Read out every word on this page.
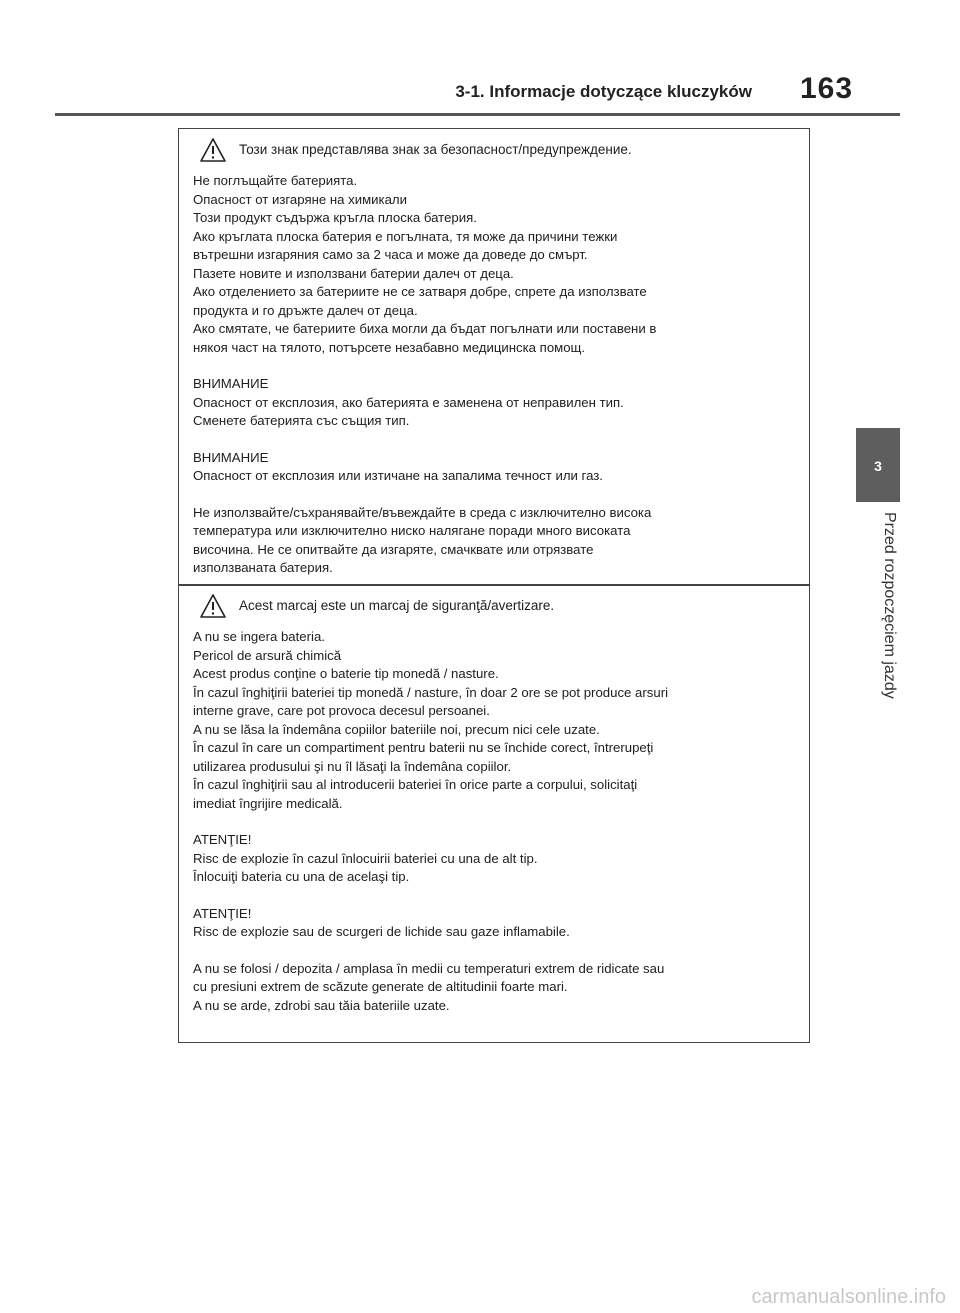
3-1. Informacje dotyczące kluczyków 163
3
Przed rozpoczęciem jazdy
Този знак представлява знак за безопасност/предупреждение.
Не поглъщайте батерията.
Опасност от изгаряне на химикали
Този продукт съдържа кръгла плоска батерия.
Ако кръглата плоска батерия е погълната, тя може да причини тежки
вътрешни изгаряния само за 2 часа и може да доведе до смърт.
Пазете новите и използвани батерии далеч от деца.
Ако отделението за батериите не се затваря добре, спрете да използвате
продукта и го дръжте далеч от деца.
Ако смятате, че батериите биха могли да бъдат погълнати или поставени в
някоя част на тялото, потърсете незабавно медицинска помощ.
ВНИМАНИЕ
Опасност от експлозия, ако батерията е заменена от неправилен тип.
Сменете батерията със същия тип.
ВНИМАНИЕ
Опасност от експлозия или изтичане на запалима течност или газ.
Не използвайте/съхранявайте/въвеждайте в среда с изключително висока
температура или изключително ниско налягане поради много високата
височина. Не се опитвайте да изгаряте, смачквате или отрязвате
използваната батерия.
Acest marcaj este un marcaj de siguranţă/avertizare.
A nu se ingera bateria.
Pericol de arsură chimică
Acest produs conţine o baterie tip monedă / nasture.
În cazul înghiţirii bateriei tip monedă / nasture, în doar 2 ore se pot produce arsuri
interne grave, care pot provoca decesul persoanei.
A nu se lăsa la îndemâna copiilor bateriile noi, precum nici cele uzate.
În cazul în care un compartiment pentru baterii nu se închide corect, întrerupeţi
utilizarea produsului şi nu îl lăsaţi la îndemâna copiilor.
În cazul înghiţirii sau al introducerii bateriei în orice parte a corpului, solicitaţi
imediat îngrijire medicală.
ATENŢIE!
Risc de explozie în cazul înlocuirii bateriei cu una de alt tip.
Înlocuiţi bateria cu una de acelaşi tip.
ATENŢIE!
Risc de explozie sau de scurgeri de lichide sau gaze inflamabile.
A nu se folosi / depozita / amplasa în medii cu temperaturi extrem de ridicate sau
cu presiuni extrem de scăzute generate de altitudinii foarte mari.
A nu se arde, zdrobi sau tăia bateriile uzate.
carmanualsonline.info
